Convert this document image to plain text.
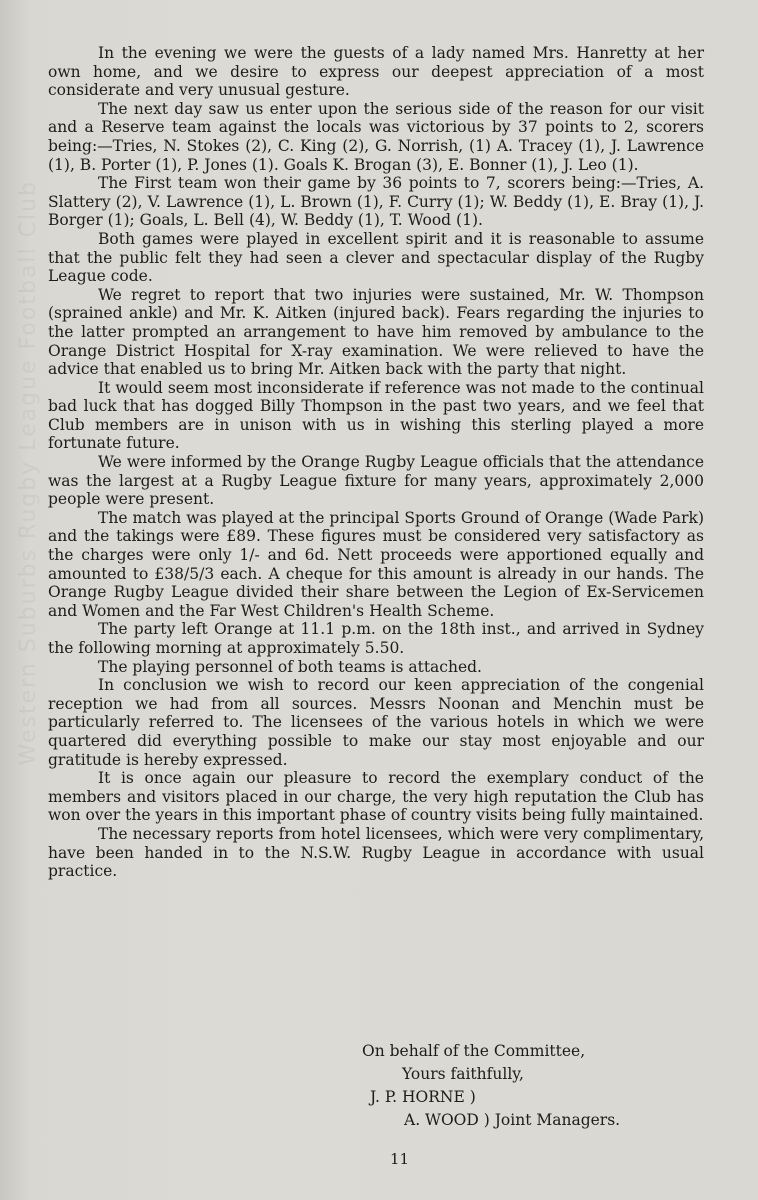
Western Suburbs Rugby League Football Club

In the evening we were the guests of a lady named Mrs. Hanretty at her own home, and we desire to express our deepest appreciation of a most considerate and very unusual gesture.

The next day saw us enter upon the serious side of the reason for our visit and a Reserve team against the locals was victorious by 37 points to 2, scorers being:—Tries, N. Stokes (2), C. King (2), G. Norrish, (1) A. Tracey (1), J. Lawrence (1), B. Porter (1), P. Jones (1). Goals K. Brogan (3), E. Bonner (1), J. Leo (1).

The First team won their game by 36 points to 7, scorers being:—Tries, A. Slattery (2), V. Lawrence (1), L. Brown (1), F. Curry (1); W. Beddy (1), E. Bray (1), J. Borger (1); Goals, L. Bell (4), W. Beddy (1), T. Wood (1).

Both games were played in excellent spirit and it is reasonable to assume that the public felt they had seen a clever and spectacular display of the Rugby League code.

We regret to report that two injuries were sustained, Mr. W. Thompson (sprained ankle) and Mr. K. Aitken (injured back). Fears regarding the injuries to the latter prompted an arrangement to have him removed by ambulance to the Orange District Hospital for X-ray examination. We were relieved to have the advice that enabled us to bring Mr. Aitken back with the party that night.

It would seem most inconsiderate if reference was not made to the continual bad luck that has dogged Billy Thompson in the past two years, and we feel that Club members are in unison with us in wishing this sterling played a more fortunate future.

We were informed by the Orange Rugby League officials that the attendance was the largest at a Rugby League fixture for many years, approximately 2,000 people were present.

The match was played at the principal Sports Ground of Orange (Wade Park) and the takings were £89. These figures must be considered very satisfactory as the charges were only 1/- and 6d. Nett proceeds were apportioned equally and amounted to £38/5/3 each. A cheque for this amount is already in our hands. The Orange Rugby League divided their share between the Legion of Ex-Servicemen and Women and the Far West Children's Health Scheme.

The party left Orange at 11.1 p.m. on the 18th inst., and arrived in Sydney the following morning at approximately 5.50.

The playing personnel of both teams is attached.

In conclusion we wish to record our keen appreciation of the congenial reception we had from all sources. Messrs Noonan and Menchin must be particularly referred to. The licensees of the various hotels in which we were quartered did everything possible to make our stay most enjoyable and our gratitude is hereby expressed.

It is once again our pleasure to record the exemplary conduct of the members and visitors placed in our charge, the very high reputation the Club has won over the years in this important phase of country visits being fully maintained.

The necessary reports from hotel licensees, which were very complimentary, have been handed in to the N.S.W. Rugby League in accordance with usual practice.

On behalf of the Committee,
Yours faithfully,
J. P. HORNE )
A. WOOD ) Joint Managers.
11
